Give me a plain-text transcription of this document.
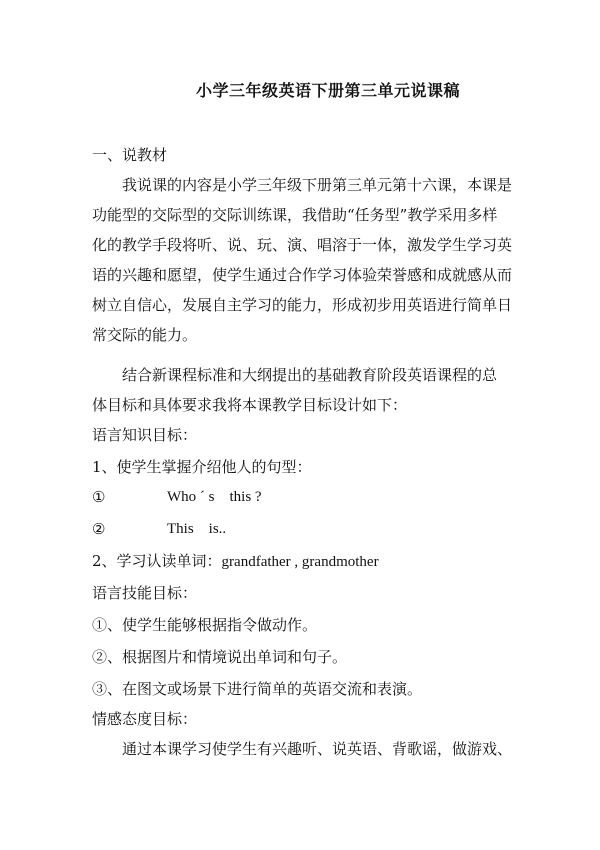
小学三年级英语下册第三单元说课稿
一、说教材
我说课的内容是小学三年级下册第三单元第十六课，本课是
功能型的交际型的交际训练课，我借助“任务型”教学采用多样
化的教学手段将听、说、玩、演、唱溶于一体，激发学生学习英
语的兴趣和愿望，使学生通过合作学习体验荣誉感和成就感从而
树立自信心，发展自主学习的能力，形成初步用英语进行简单日
常交际的能力。
结合新课程标准和大纲提出的基础教育阶段英语课程的总
体目标和具体要求我将本课教学目标设计如下：
语言知识目标：
1、使学生掌握介绍他人的句型：
①	Who ´ s    this ?
②	This    is..
2、学习认读单词：grandfather , grandmother
语言技能目标：
①、使学生能够根据指令做动作。
②、根据图片和情境说出单词和句子。
③、在图文或场景下进行简单的英语交流和表演。
情感态度目标：
通过本课学习使学生有兴趣听、说英语、背歌谣，做游戏、
